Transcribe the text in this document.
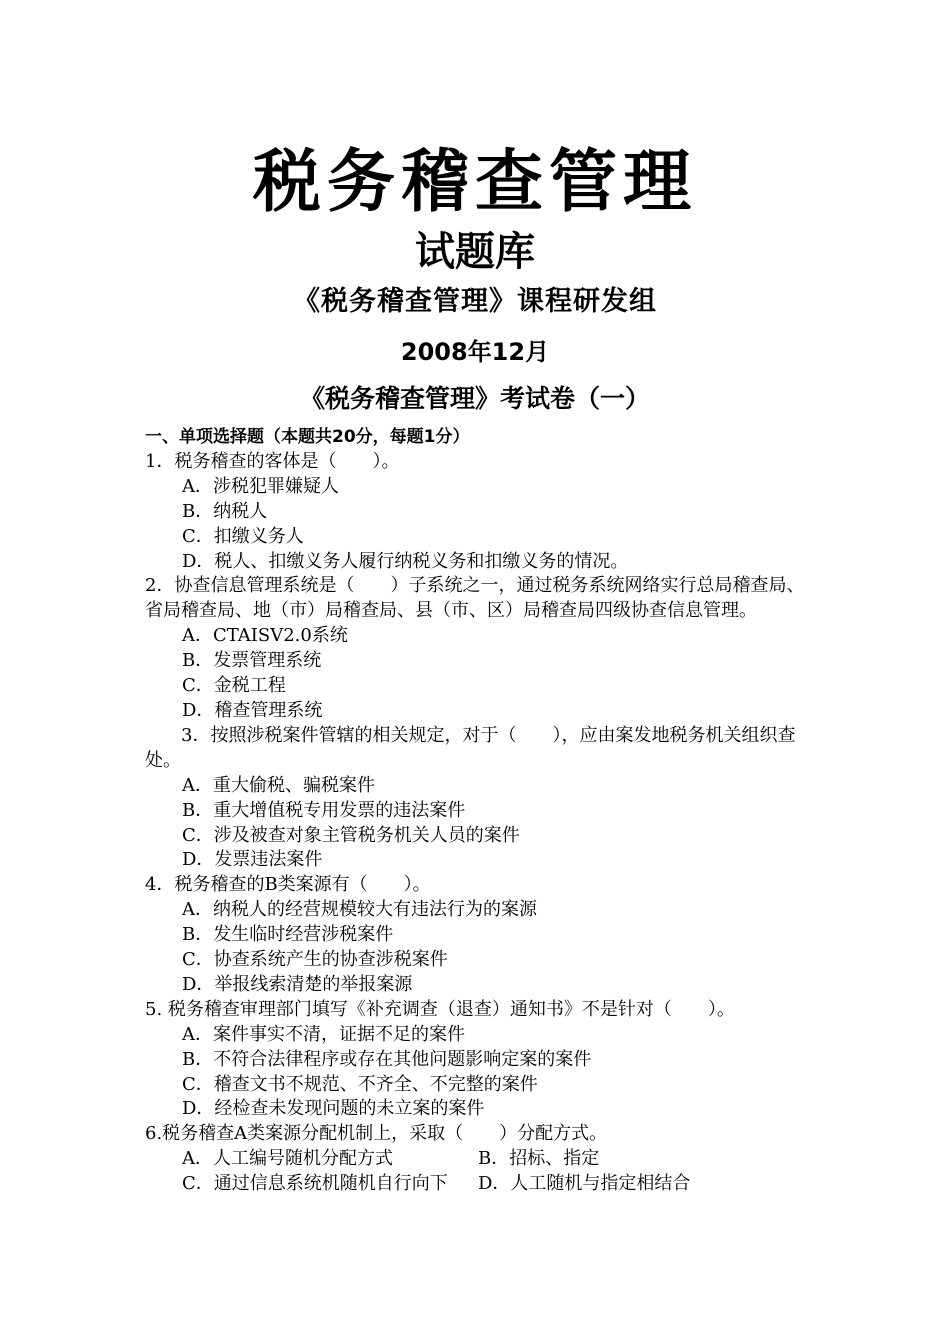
税务稽查管理
试题库
《税务稽查管理》课程研发组
2008年12月
《税务稽查管理》考试卷（一）
一、单项选择题（本题共20分，每题1分）
1．税务稽查的客体是（　　）。
A．涉税犯罪嫌疑人
B．纳税人
C．扣缴义务人
D．税人、扣缴义务人履行纳税义务和扣缴义务的情况。
2．协查信息管理系统是（　　）子系统之一，通过税务系统网络实行总局稽查局、省局稽查局、地（市）局稽查局、县（市、区）局稽查局四级协查信息管理。
A．CTAISV2.0系统
B．发票管理系统
C．金税工程
D．稽查管理系统
3．按照涉税案件管辖的相关规定，对于（　　），应由案发地税务机关组织查处。
A．重大偷税、骗税案件
B．重大增值税专用发票的违法案件
C．涉及被查对象主管税务机关人员的案件
D．发票违法案件
4．税务稽查的B类案源有（　　）。
A．纳税人的经营规模较大有违法行为的案源
B．发生临时经营涉税案件
C．协查系统产生的协查涉税案件
D．举报线索清楚的举报案源
5. 税务稽查审理部门填写《补充调查（退查）通知书》不是针对（　　）。
A．案件事实不清，证据不足的案件
B．不符合法律程序或存在其他问题影响定案的案件
C．稽查文书不规范、不齐全、不完整的案件
D．经检查未发现问题的未立案的案件
6.税务稽查A类案源分配机制上，采取（　　）分配方式。
A．人工编号随机分配方式	B．招标、指定
C．通过信息系统机随机自行向下 D．人工随机与指定相结合
